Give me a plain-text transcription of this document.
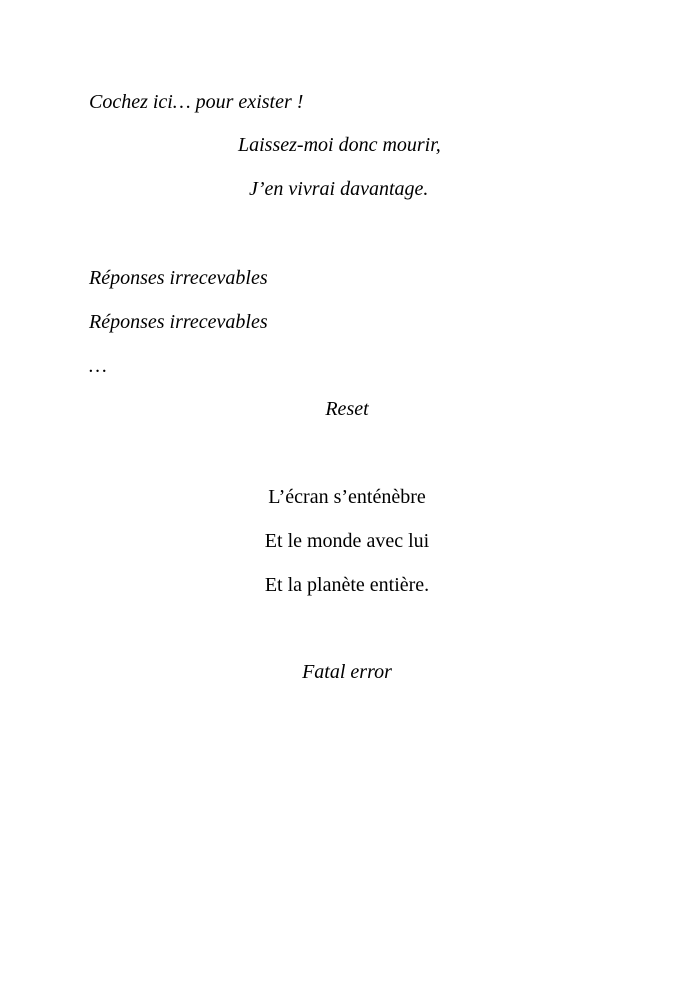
Cochez ici… pour exister !
Laissez-moi donc mourir,
J’en vivrai davantage.
Réponses irrecevables
Réponses irrecevables
…
Reset
L’écran s’enténèbre
Et le monde avec lui
Et la planète entière.
Fatal error
